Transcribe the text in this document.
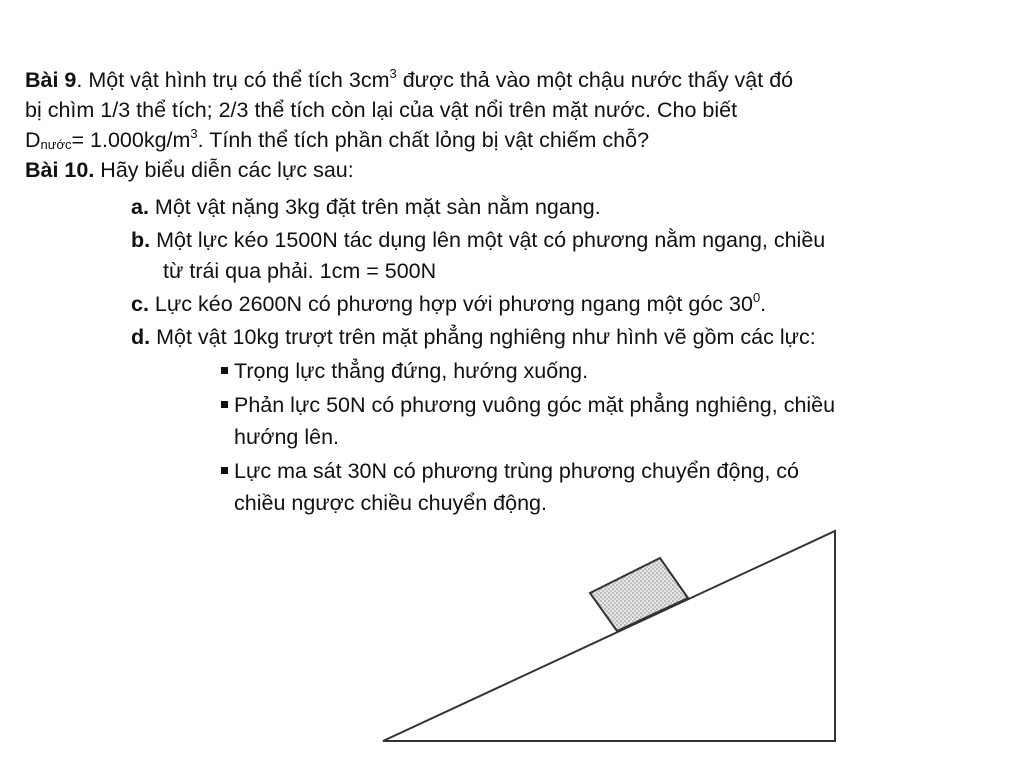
Bài 9. Một vật hình trụ có thể tích $3cm^3$ được thả vào một chậu nước thấy vật đó
bị chìm 1/3 thể tích; 2/3 thể tích còn lại của vật nổi trên mặt nước. Cho biết
$D_{nước}= 1.000kg/m^3$. Tính thể tích phần chất lỏng bị vật chiếm chỗ?
Bài 10. Hãy biểu diễn các lực sau:
a. Một vật nặng 3kg đặt trên mặt sàn nằm ngang.
b. Một lực kéo 1500N tác dụng lên một vật có phương nằm ngang, chiều
từ trái qua phải. 1cm = 500N
c. Lực kéo 2600N có phương hợp với phương ngang một góc $30^0$.
d. Một vật 10kg trượt trên mặt phẳng nghiêng như hình vẽ gồm các lực:
Trọng lực thẳng đứng, hướng xuống.
Phản lực 50N có phương vuông góc mặt phẳng nghiêng, chiều
hướng lên.
Lực ma sát 30N có phương trùng phương chuyển động, có
chiều ngược chiều chuyển động.
